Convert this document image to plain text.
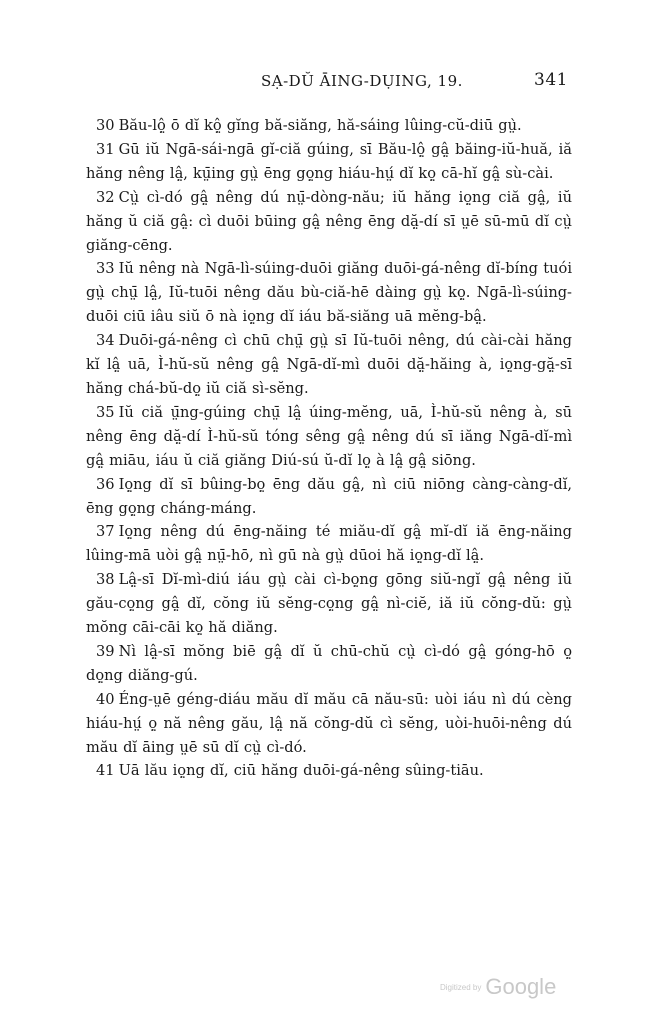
SẠ-DŬ ĀING-DỤING, 19.	341

30 Bău-lộ̤ ō dĭ kộ̤ gĭng bă-siăng, hă-sáing lûing-cŭ-diū gṳ̀.

31 Gū iŭ Ngā-sái-ngā gĭ-ciă gúing, sī Bău-lộ̤ gậ̤ băing-iŭ-huă, iă hăng nêng lậ̤, kṳ̄ing gṳ̀ ēng gọ̤ng hiáu-hṳ́ dĭ kọ̤ cā-hĭ gậ̤ sù-cài.

32 Cṳ̀ cì-dó gậ̤ nêng dú nṳ̄-dòng-nău; iŭ hăng iọ̤ng ciă gậ̤, iŭ hăng ŭ ciă gậ̤: cì duōi būing gậ̤ nêng ēng dặ̤-dí sī ṳē sū-mū dĭ cṳ̀ giăng-cēng.

33 Iŭ nêng nà Ngā-lì-súing-duōi giăng duōi-gá-nêng dĭ-bíng tuói gṳ̀ chṳ̄ lậ̤, Iŭ-tuōi nêng dău bù-ciă-hē dàing gṳ̀ kọ̤. Ngā-lì-súing-duōi ciū iâu siŭ ō nà iọ̤ng dĭ iáu bă-siăng uā mĕng-bậ̤.

34 Duōi-gá-nêng cì chū chṳ̄ gṳ̀ sī Iŭ-tuōi nêng, dú cài-cài hăng kĭ lậ̤ uā, Ì-hŭ-sŭ nêng gậ̤ Ngā-dĭ-mì duōi dặ̤-hăing à, iọ̤ng-gặ̤-sī hăng chá-bŭ-dọ̤ iŭ ciă sì-sĕng.

35 Iŭ ciă ṳ̄ng-gúing chṳ̄ lậ̤ úing-mĕng, uā, Ì-hŭ-sŭ nêng à, sū nêng ēng dặ̤-dí Ì-hŭ-sŭ tóng sêng gậ̤ nêng dú sī iăng Ngā-dĭ-mì gậ̤ miāu, iáu ŭ ciă giăng Diú-sú ŭ-dĭ lọ̤ à lậ̤ gậ̤ siōng.

36 Iọ̤ng dĭ sī bûing-bọ̤ ēng dău gậ̤, nì ciū niōng càng-càng-dĭ, ēng gọ̤ng cháng-máng.

37 Iọ̤ng nêng dú ēng-năing té miău-dĭ gậ̤ mĭ-dĭ iă ēng-năing lûing-mā uòi gậ̤ nṳ̄-hō, nì gū nà gṳ̀ dūoi hă iọ̤ng-dĭ lậ̤.

38 Lậ̤-sī Dĭ-mì-diú iáu gṳ̀ cài cì-bọ̤ng gōng siŭ-ngĭ gậ̤ nêng iŭ gău-cọ̤ng gậ̤ dĭ, cŏng iŭ sĕng-cọ̤ng gậ̤ nì-ciĕ, iă iŭ cŏng-dŭ: gṳ̀ mŏng cāi-cāi kọ̤ hă diăng.

39 Nì lậ̤-sī mŏng biē gậ̤ dĭ ŭ chū-chŭ cṳ̀ cì-dó gậ̤ góng-hō ọ̤ dọ̤ng diăng-gú.

40 Éng-ṳē géng-diáu mău dĭ mău cā nău-sū: uòi iáu nì dú cèng hiáu-hṳ́ ọ̤ nă nêng gău, lậ̤ nă cŏng-dŭ cì sĕng, uòi-huōi-nêng dú mău dĭ āing ṳē sū dĭ cṳ̀ cì-dó.

41 Uā lău iọ̤ng dĭ, ciū hăng duōi-gá-nêng sûing-tiāu.

Digitized by Google
